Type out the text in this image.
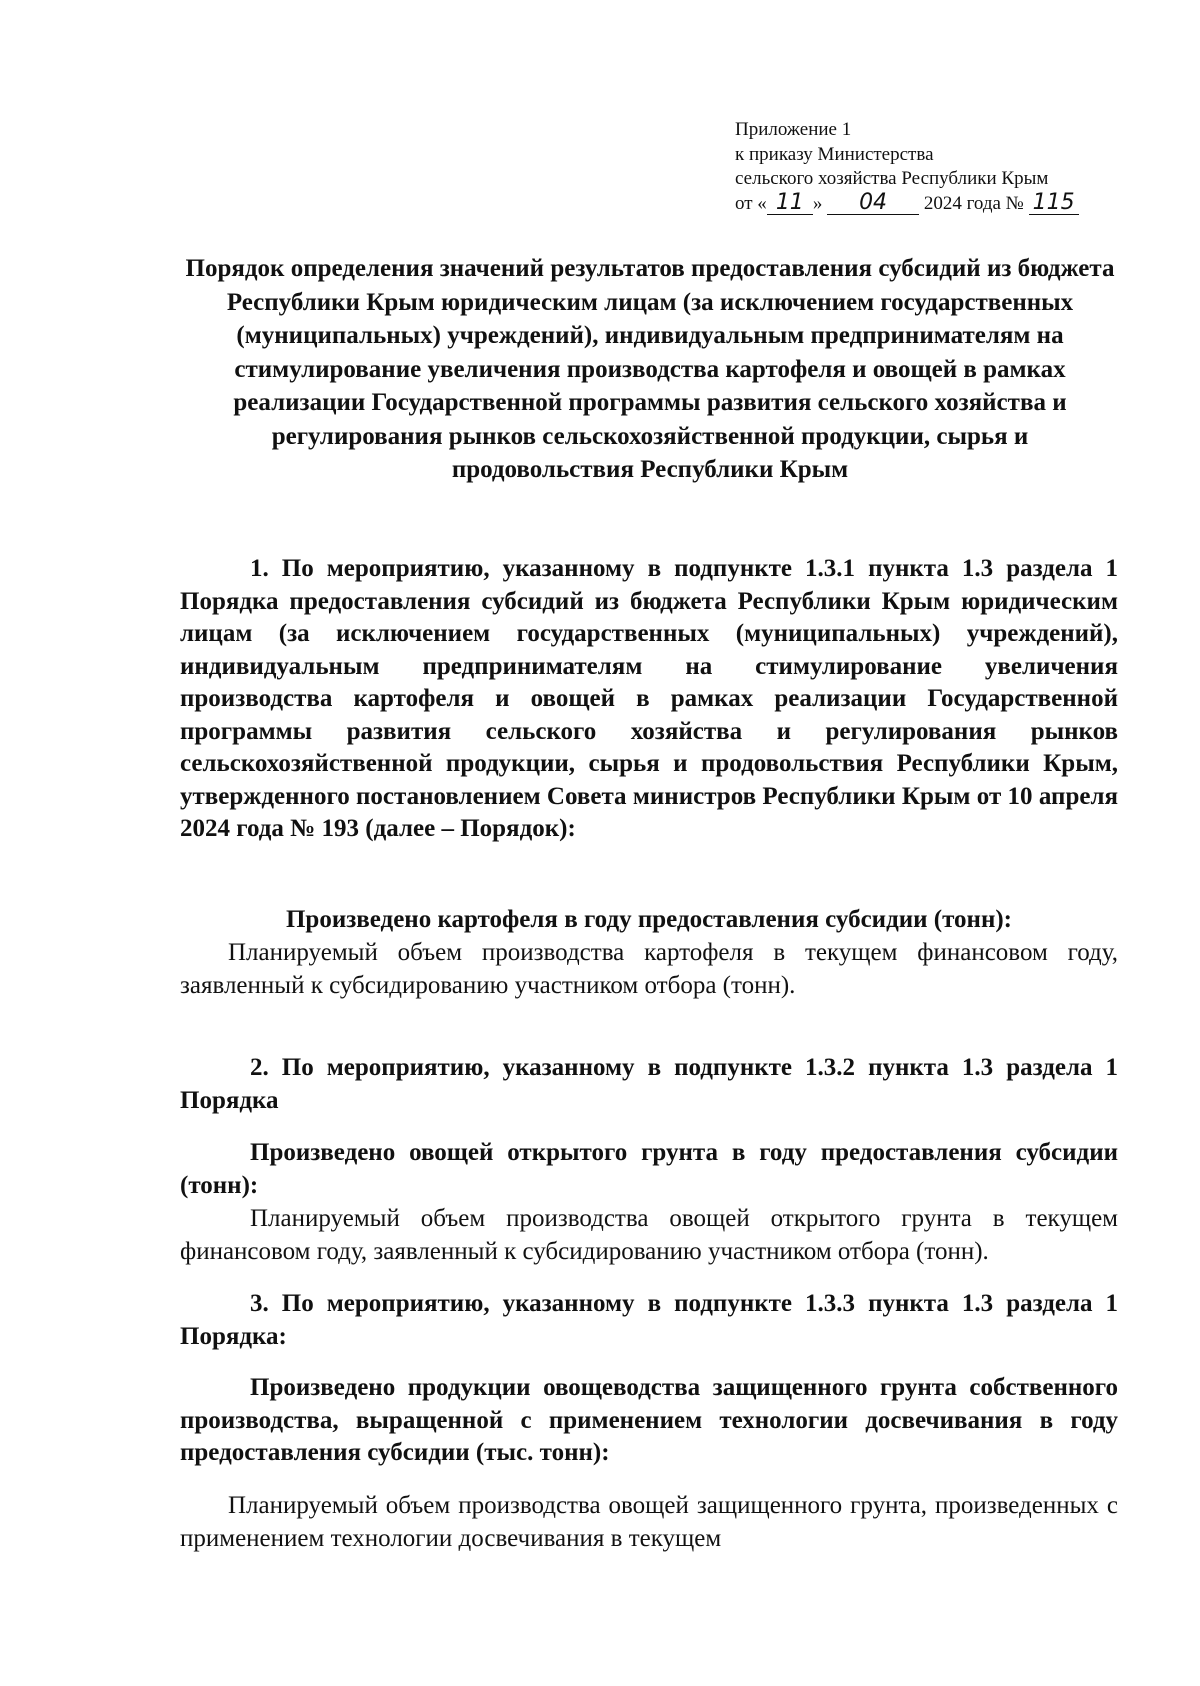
Приложение 1
к приказу Министерства
сельского хозяйства Республики Крым
от « 11 » 04 2024 года № 115

Порядок определения значений результатов предоставления субсидий из бюджета Республики Крым юридическим лицам (за исключением государственных (муниципальных) учреждений), индивидуальным предпринимателям на стимулирование увеличения производства картофеля и овощей в рамках реализации Государственной программы развития сельского хозяйства и регулирования рынков сельскохозяйственной продукции, сырья и продовольствия Республики Крым

1. По мероприятию, указанному в подпункте 1.3.1 пункта 1.3 раздела 1 Порядка предоставления субсидий из бюджета Республики Крым юридическим лицам (за исключением государственных (муниципальных) учреждений), индивидуальным предпринимателям на стимулирование увеличения производства картофеля и овощей в рамках реализации Государственной программы развития сельского хозяйства и регулирования рынков сельскохозяйственной продукции, сырья и продовольствия Республики Крым, утвержденного постановлением Совета министров Республики Крым от 10 апреля 2024 года № 193 (далее – Порядок):

Произведено картофеля в году предоставления субсидии (тонн):

Планируемый объем производства картофеля в текущем финансовом году, заявленный к субсидированию участником отбора (тонн).

2. По мероприятию, указанному в подпункте 1.3.2 пункта 1.3 раздела 1 Порядка

Произведено овощей открытого грунта в году предоставления субсидии (тонн):

Планируемый объем производства овощей открытого грунта в текущем финансовом году, заявленный к субсидированию участником отбора (тонн).

3. По мероприятию, указанному в подпункте 1.3.3 пункта 1.3 раздела 1 Порядка:

Произведено продукции овощеводства защищенного грунта собственного производства, выращенной с применением технологии досвечивания в году предоставления субсидии (тыс. тонн):

Планируемый объем производства овощей защищенного грунта, произведенных с применением технологии досвечивания в текущем
